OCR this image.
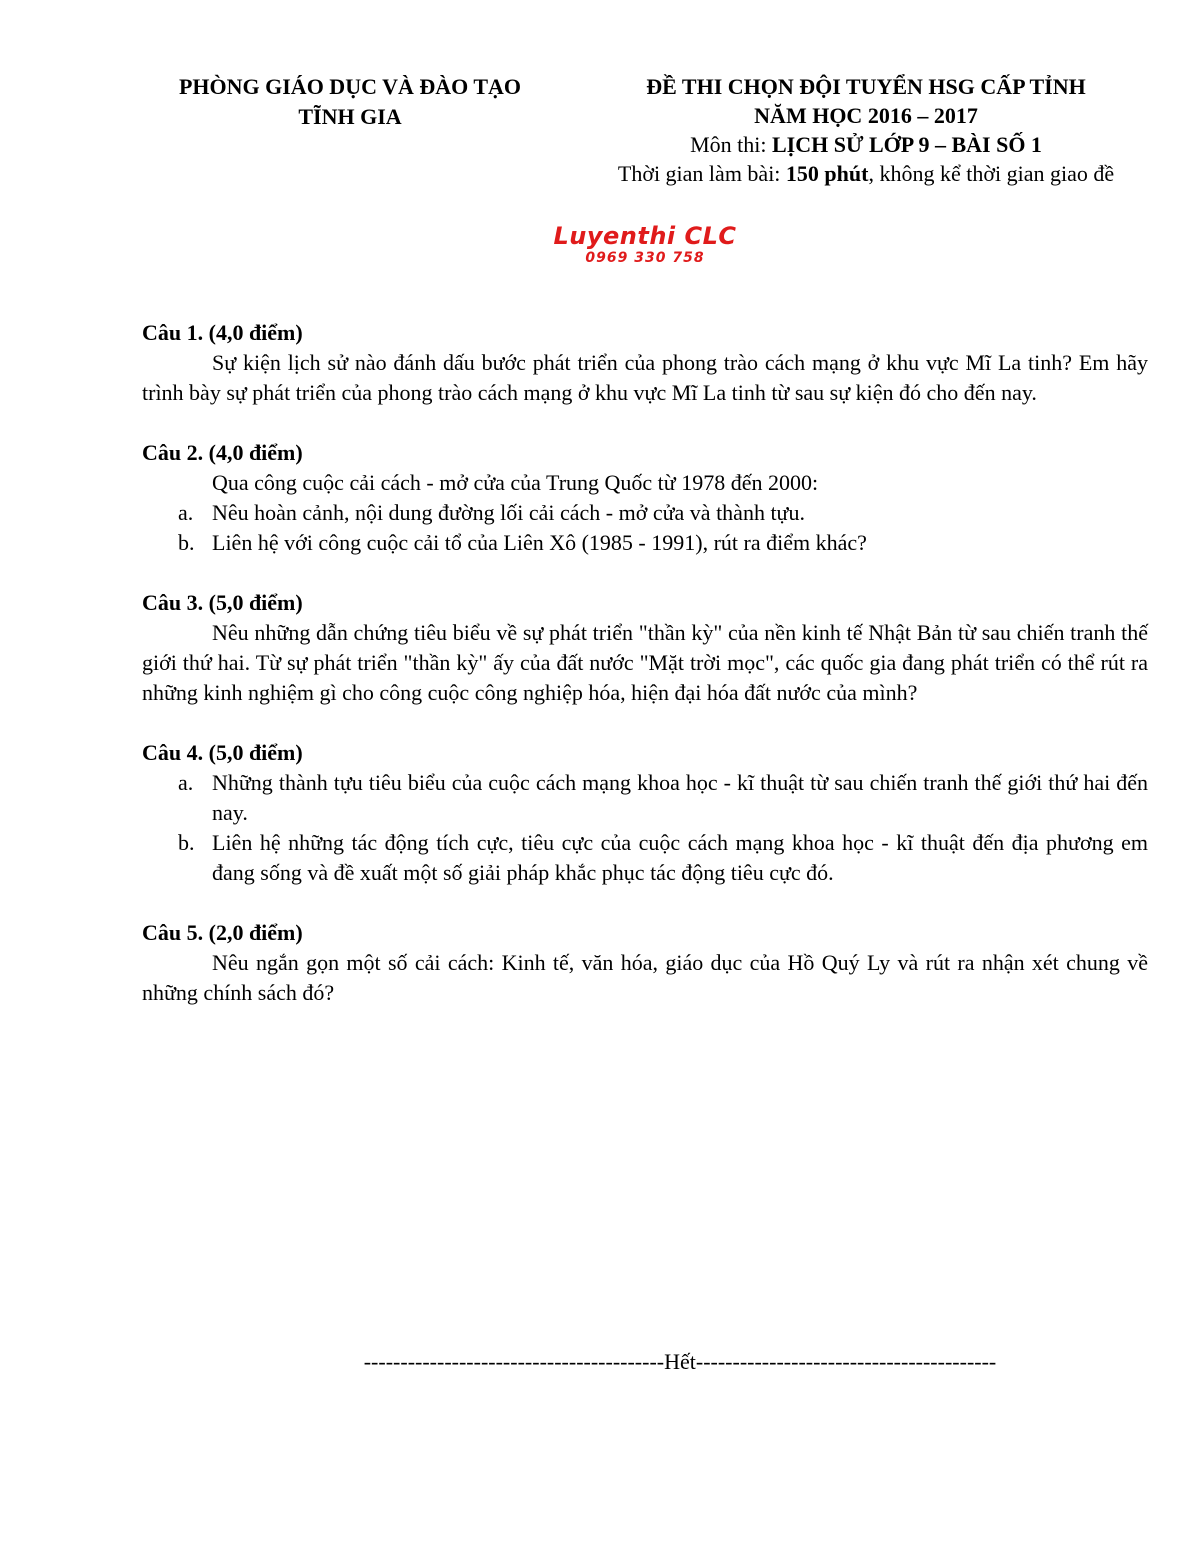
PHÒNG GIÁO DỤC VÀ ĐÀO TẠO
TĨNH GIA
ĐỀ THI CHỌN ĐỘI TUYỂN HSG CẤP TỈNH
NĂM HỌC 2016 – 2017
Môn thi: LỊCH SỬ LỚP 9 – BÀI SỐ 1
Thời gian làm bài: 150 phút, không kể thời gian giao đề
Luyenthi CLC
0969 330 758
Câu 1. (4,0 điểm)
Sự kiện lịch sử nào đánh dấu bước phát triển của phong trào cách mạng ở khu vực Mĩ La tinh? Em hãy trình bày sự phát triển của phong trào cách mạng ở khu vực Mĩ La tinh từ sau sự kiện đó cho đến nay.
Câu 2. (4,0 điểm)
Qua công cuộc cải cách - mở cửa của Trung Quốc từ 1978 đến 2000:
a. Nêu hoàn cảnh, nội dung đường lối cải cách - mở cửa và thành tựu.
b. Liên hệ với công cuộc cải tổ của Liên Xô (1985 - 1991), rút ra điểm khác?
Câu 3. (5,0 điểm)
Nêu những dẫn chứng tiêu biểu về sự phát triển "thần kỳ" của nền kinh tế Nhật Bản từ sau chiến tranh thế giới thứ hai. Từ sự phát triển "thần kỳ" ấy của đất nước "Mặt trời mọc", các quốc gia đang phát triển có thể rút ra những kinh nghiệm gì cho công cuộc công nghiệp hóa, hiện đại hóa đất nước của mình?
Câu 4. (5,0 điểm)
a. Những thành tựu tiêu biểu của cuộc cách mạng khoa học - kĩ thuật từ sau chiến tranh thế giới thứ hai đến nay.
b. Liên hệ những tác động tích cực, tiêu cực của cuộc cách mạng khoa học - kĩ thuật đến địa phương em đang sống và đề xuất một số giải pháp khắc phục tác động tiêu cực đó.
Câu 5. (2,0 điểm)
Nêu ngắn gọn một số cải cách: Kinh tế, văn hóa, giáo dục của Hồ Quý Ly và rút ra nhận xét chung về những chính sách đó?
-----------------------------------------Hết-----------------------------------------
